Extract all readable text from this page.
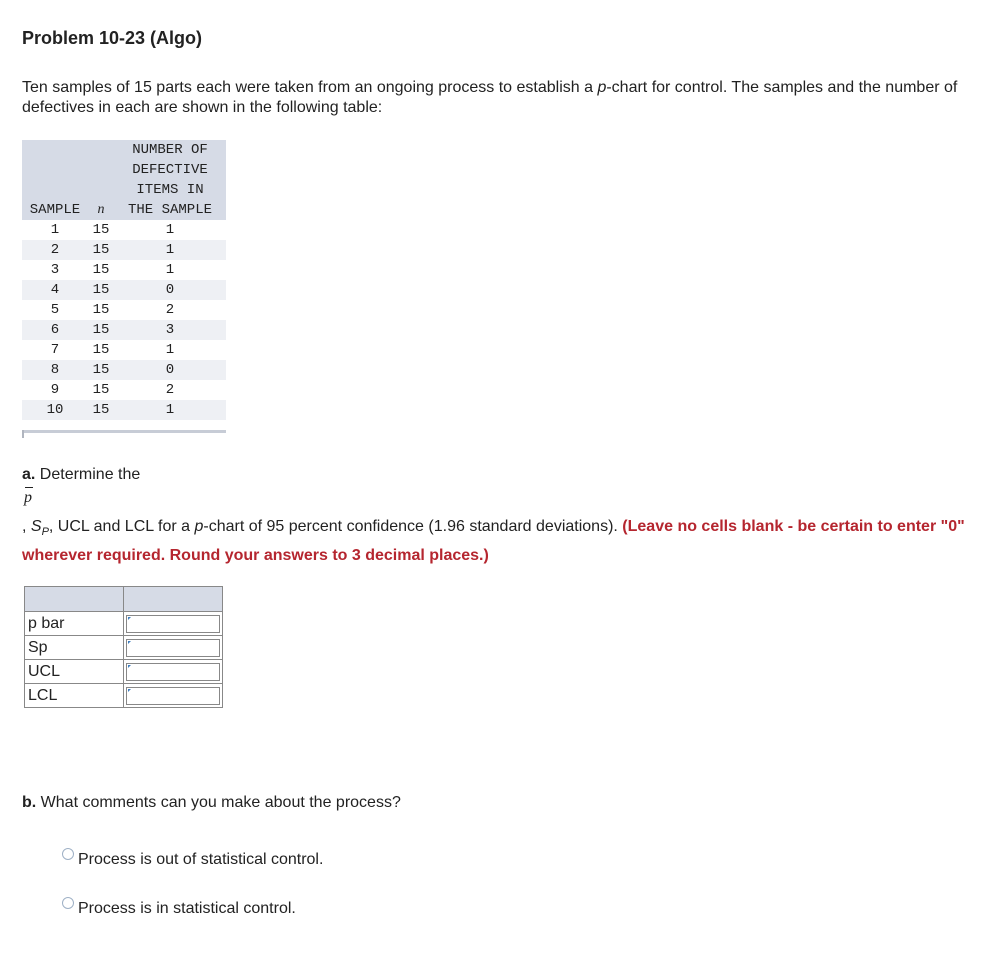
Problem 10-23 (Algo)
Ten samples of 15 parts each were taken from an ongoing process to establish a p-chart for control. The samples and the number of defectives in each are shown in the following table:
		NUMBER OF
		DEFECTIVE
		ITEMS IN
SAMPLE	n	THE SAMPLE
1	15	1
2	15	1
3	15	1
4	15	0
5	15	2
6	15	3
7	15	1
8	15	0
9	15	2
10	15	1
a. Determine the
p
, $S_P$, UCL and LCL for a p-chart of 95 percent confidence (1.96 standard deviations). (Leave no cells blank - be certain to enter "0" wherever required. Round your answers to 3 decimal places.)

p bar	

Sp	

UCL	

LCL	
b. What comments can you make about the process?
Process is out of statistical control.
Process is in statistical control.
